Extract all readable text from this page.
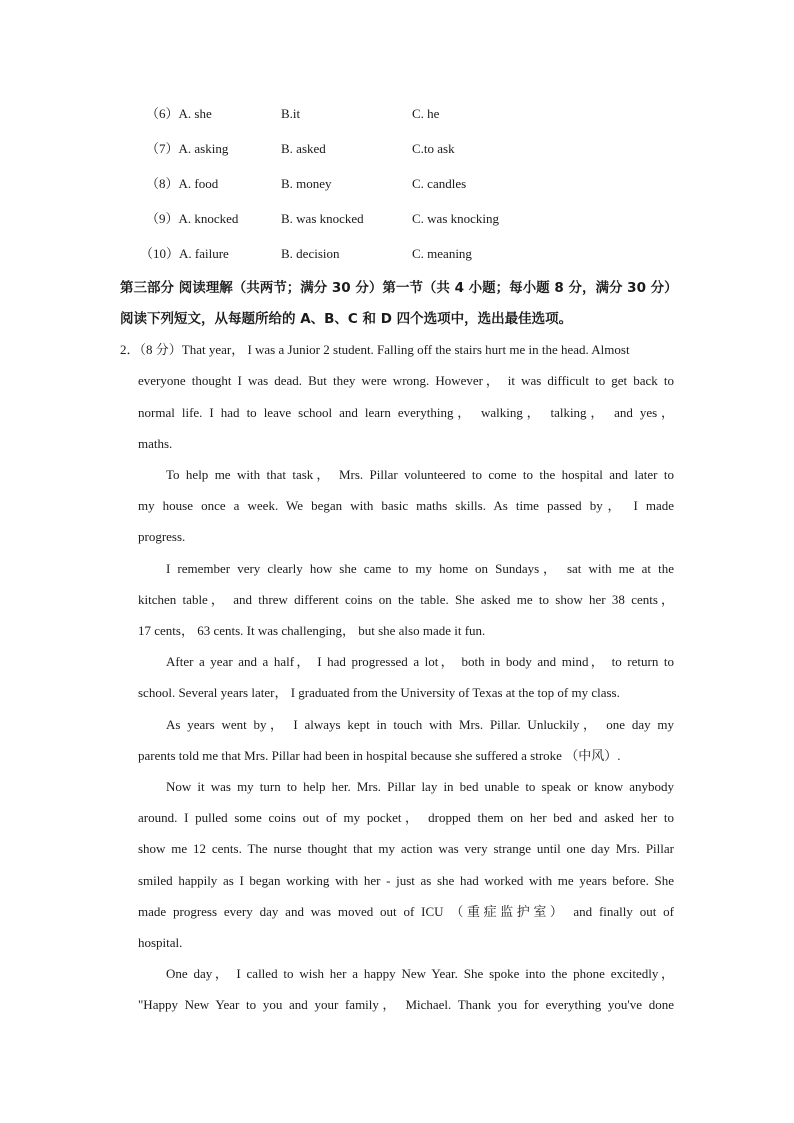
（6）A. she	B.it	C. he
（7）A. asking	B. asked	C.to ask
（8）A. food	B. money	C. candles
（9）A. knocked	B. was knocked	C. was knocking
（10）A. failure	B. decision	C. meaning
第三部分 阅读理解（共两节；满分 30 分）第一节（共 4 小题；每小题 8 分，满分 30 分）
阅读下列短文，从每题所给的 A、B、C 和 D 四个选项中，选出最佳选项。
2．（8 分）That year， I was a Junior 2 student. Falling off the stairs hurt me in the head. Almost
everyone thought I was dead. But they were wrong. However， it was difficult to get back to
normal life. I had to leave school and learn everything， walking， talking， and yes，
maths.
To help me with that task， Mrs. Pillar volunteered to come to the hospital and later to
my house once a week. We began with basic maths skills. As time passed by， I made
progress.
I remember very clearly how she came to my home on Sundays， sat with me at the
kitchen table， and threw different coins on the table. She asked me to show her 38 cents，
17 cents， 63 cents. It was challenging， but she also made it fun.
After a year and a half， I had progressed a lot， both in body and mind， to return to
school. Several years later， I graduated from the University of Texas at the top of my class.
As years went by， I always kept in touch with Mrs. Pillar. Unluckily， one day my
parents told me that Mrs. Pillar had been in hospital because she suffered a stroke （中风）.
Now it was my turn to help her. Mrs. Pillar lay in bed unable to speak or know anybody
around. I pulled some coins out of my pocket， dropped them on her bed and asked her to
show me 12 cents. The nurse thought that my action was very strange until one day Mrs. Pillar
smiled happily as I began working with her - just as she had worked with me years before. She
made progress every day and was moved out of ICU （重症监护室） and finally out of
hospital.
One day， I called to wish her a happy New Year. She spoke into the phone excitedly，
"Happy New Year to you and your family， Michael. Thank you for everything you've done
